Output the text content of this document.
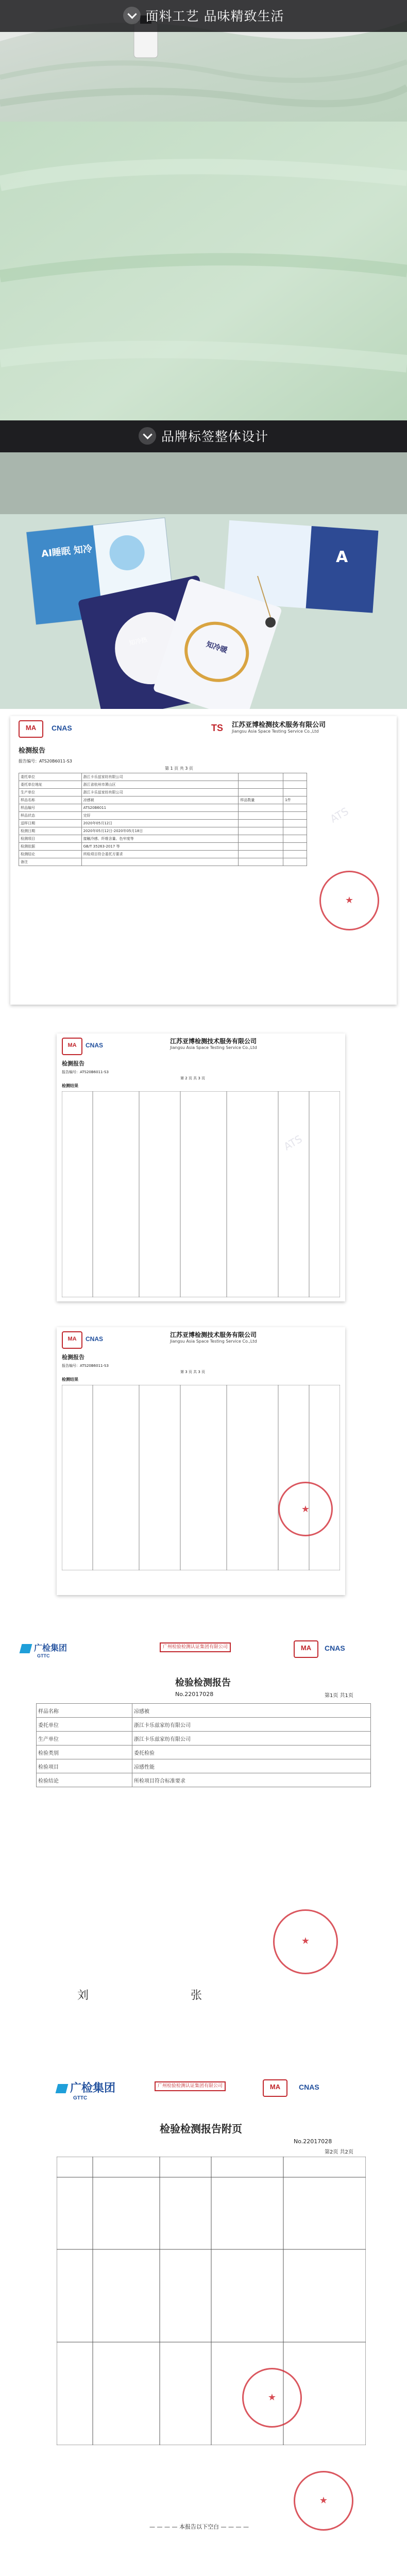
面料工艺 品味精致生活
品牌标签整体设计
AI睡眠 知冷
知冷暖
A
知冷热
MA	CNAS	TS 江苏亚博检测技术服务有限公司
Jiangsu Asia Space Testing Service Co.,Ltd
检测报告
报告编号：ATS20B6011-S3
第 1 页 共 3 页
委托单位	浙江卡乐兹家纺有限公司		
委托单位地址	浙江省杭州市萧山区		
生产单位	浙江卡乐兹家纺有限公司		
样品名称	凉感被	样品数量	1件
样品编号	ATS20B6011		
样品状态	完好		
送样日期	2020年05月12日		
检测日期	2020年05月12日-2020年05月18日		
检测项目	接触冷感、纤维含量、色牢度等		
检测依据	GB/T 35263-2017 等		
检测结论	所检项目符合委托方要求		
备注			
★
ATS
MA	CNAS
江苏亚博检测技术服务有限公司
Jiangsu Asia Space Testing Service Co.,Ltd
检测报告
报告编号：ATS20B6011-S3
第 2 页 共 3 页
检测结果
ATS
MA	CNAS
江苏亚博检测技术服务有限公司
Jiangsu Asia Space Testing Service Co.,Ltd
检测报告
报告编号：ATS20B6011-S3
第 3 页 共 3 页
检测结果
★
广检集团
GTTC
广州检验检测认证集团有限公司	MA	CNAS
检验检测报告
No.22017028	第1页 共1页
样品名称	凉感被
委托单位	浙江卡乐兹家纺有限公司
生产单位	浙江卡乐兹家纺有限公司
检验类别	委托检验
检验项目	凉感性能
检验结论	所检项目符合标准要求
★
刘	张
广检集团
GTTC
广州检验检测认证集团有限公司	MA	CNAS
检验检测报告附页
No.22017028
第2页 共2页
★
★
— — — — 本报告以下空白 — — — —
